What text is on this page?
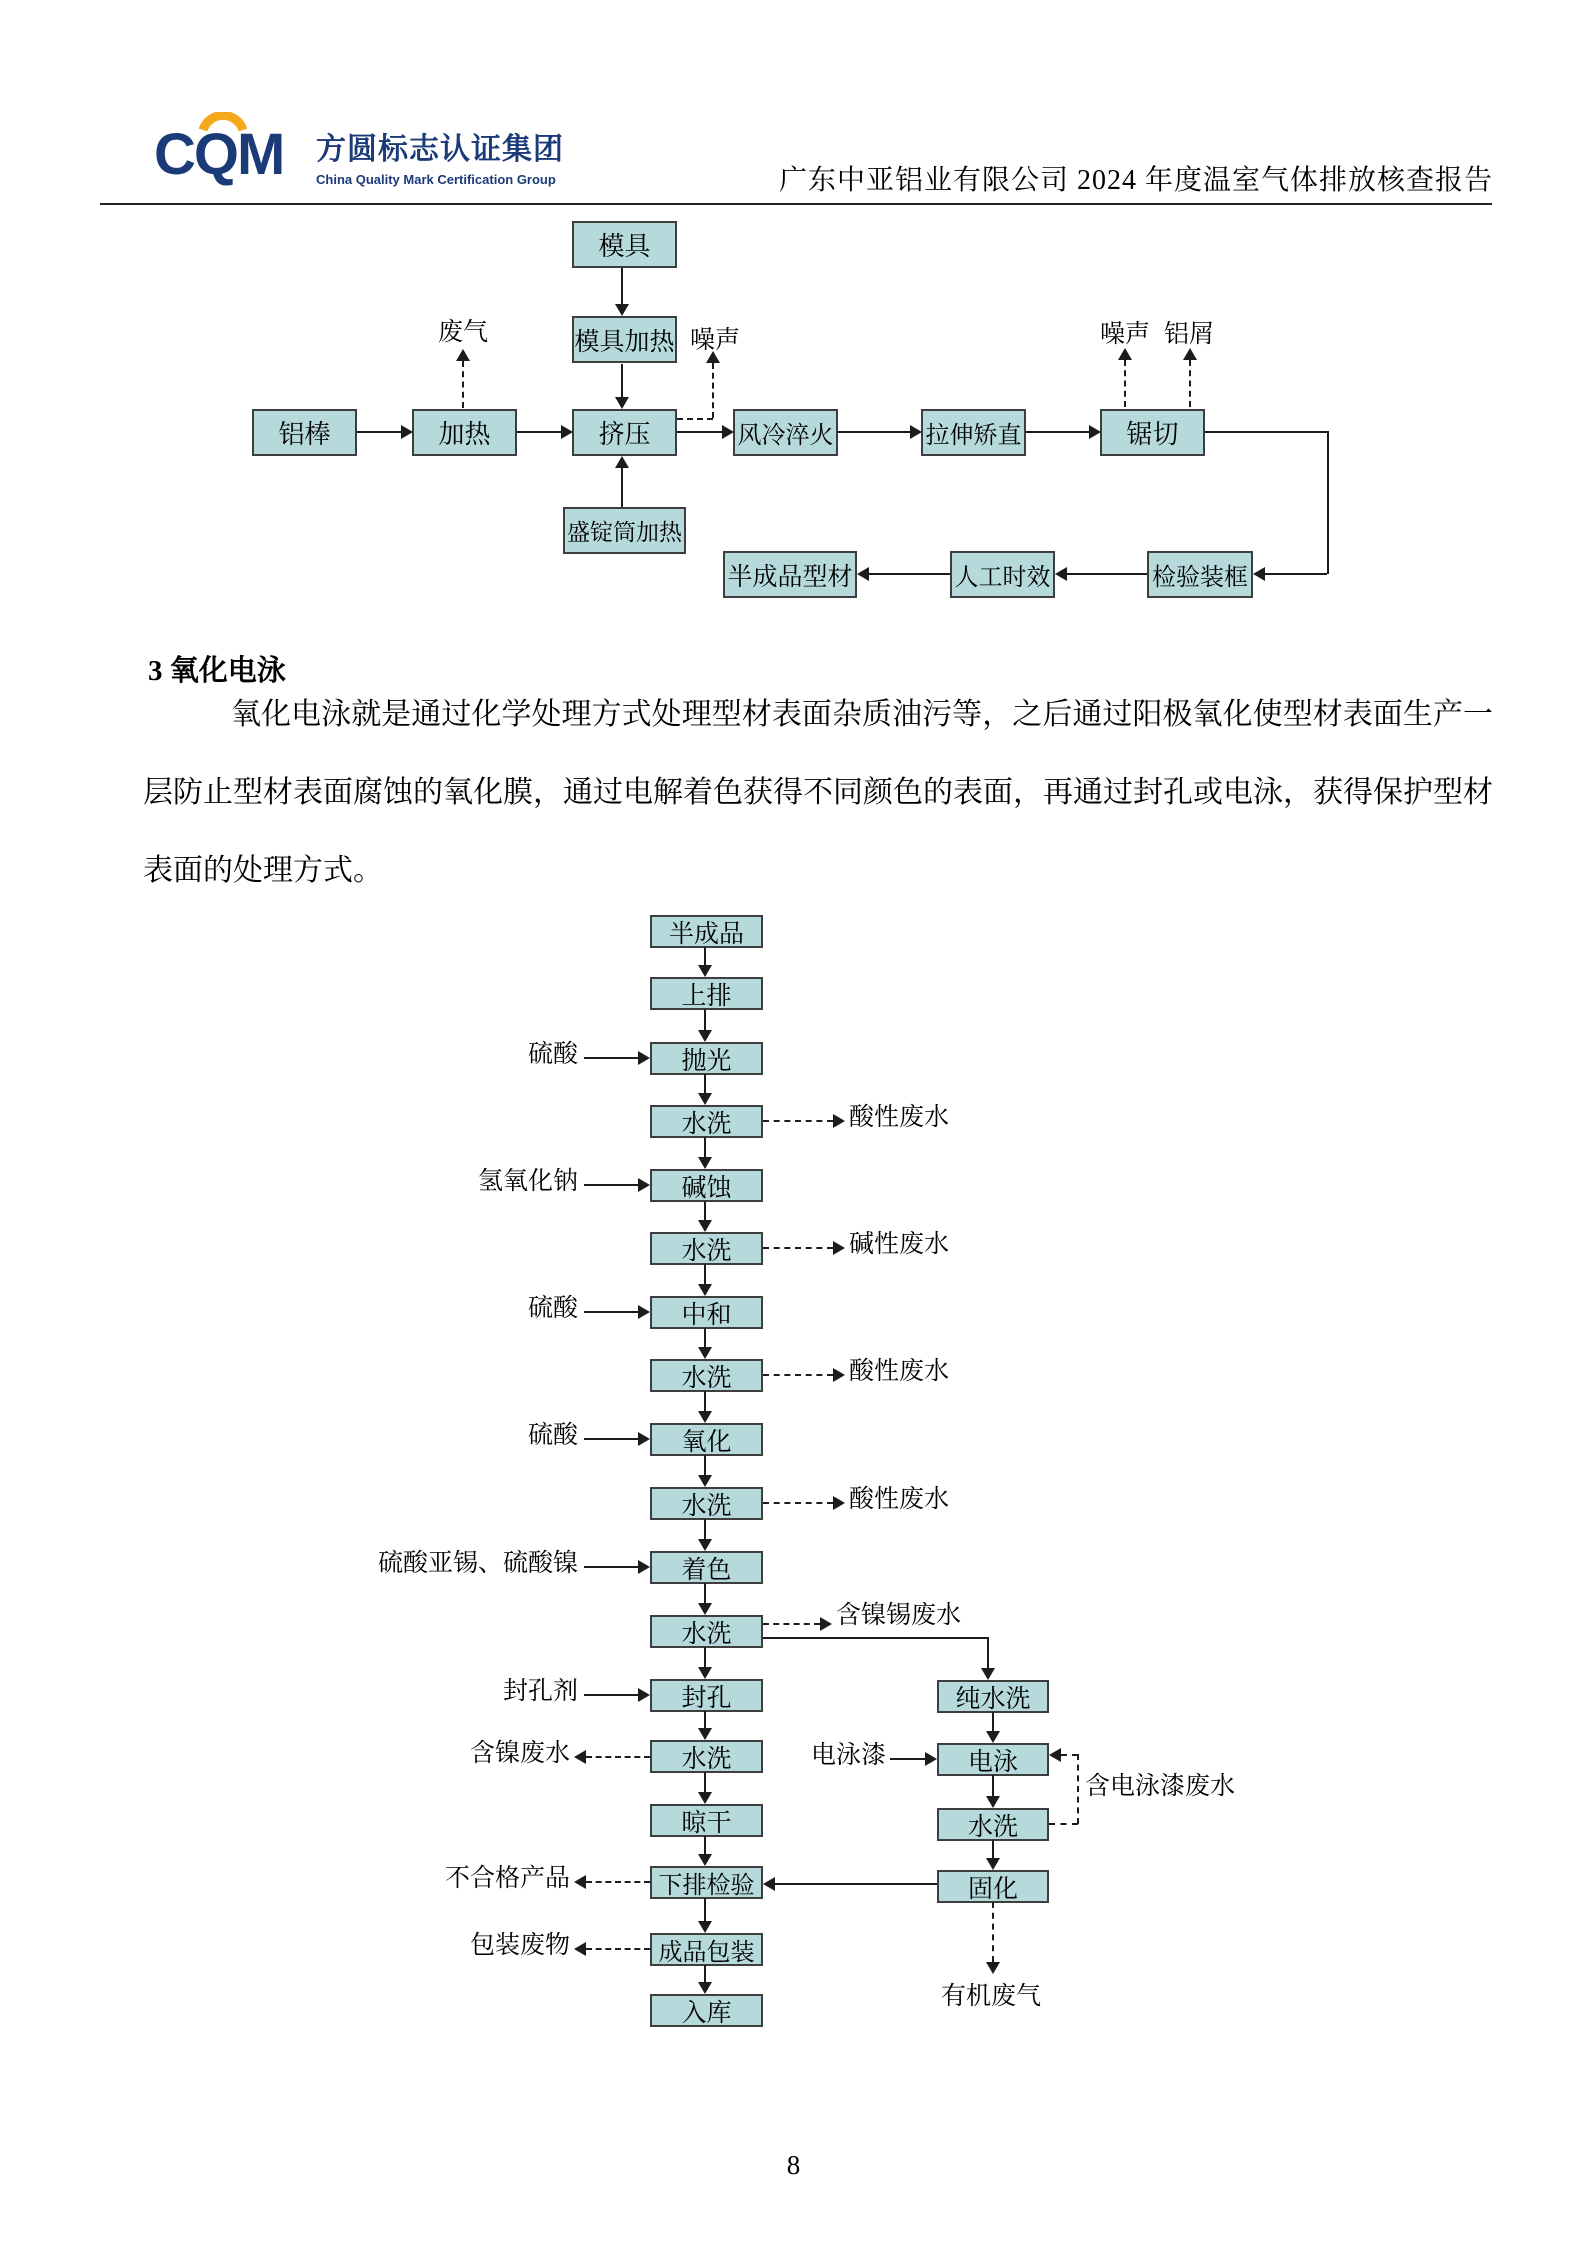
CQM 方圆标志认证集团
China Quality Mark Certification Group	广东中亚铝业有限公司 2024 年度温室气体排放核查报告
模具
模具加热
铝棒	加热	挤压	风冷淬火	拉伸矫直	锯切
盛锭筒加热
半成品型材	人工时效	检验装框
废气	噪声	噪声 铝屑
3 氧化电泳
氧化电泳就是通过化学处理方式处理型材表面杂质油污等，之后通过阳极氧化使型材表面生产一层防止型材表面腐蚀的氧化膜，通过电解着色获得不同颜色的表面，再通过封孔或电泳，获得保护型材表面的处理方式。
半成品
上排
抛光
水洗
碱蚀
水洗
中和
水洗
氧化
水洗
着色
水洗
封孔
水洗
晾干
下排检验
成品包装
入库
纯水洗
电泳
水洗
固化
硫酸
氢氧化钠
硫酸
硫酸
硫酸亚锡、硫酸镍
封孔剂
电泳漆
酸性废水
碱性废水
酸性废水
酸性废水
含镍锡废水
含电泳漆废水
有机废气
含镍废水
不合格产品
包装废物
8
